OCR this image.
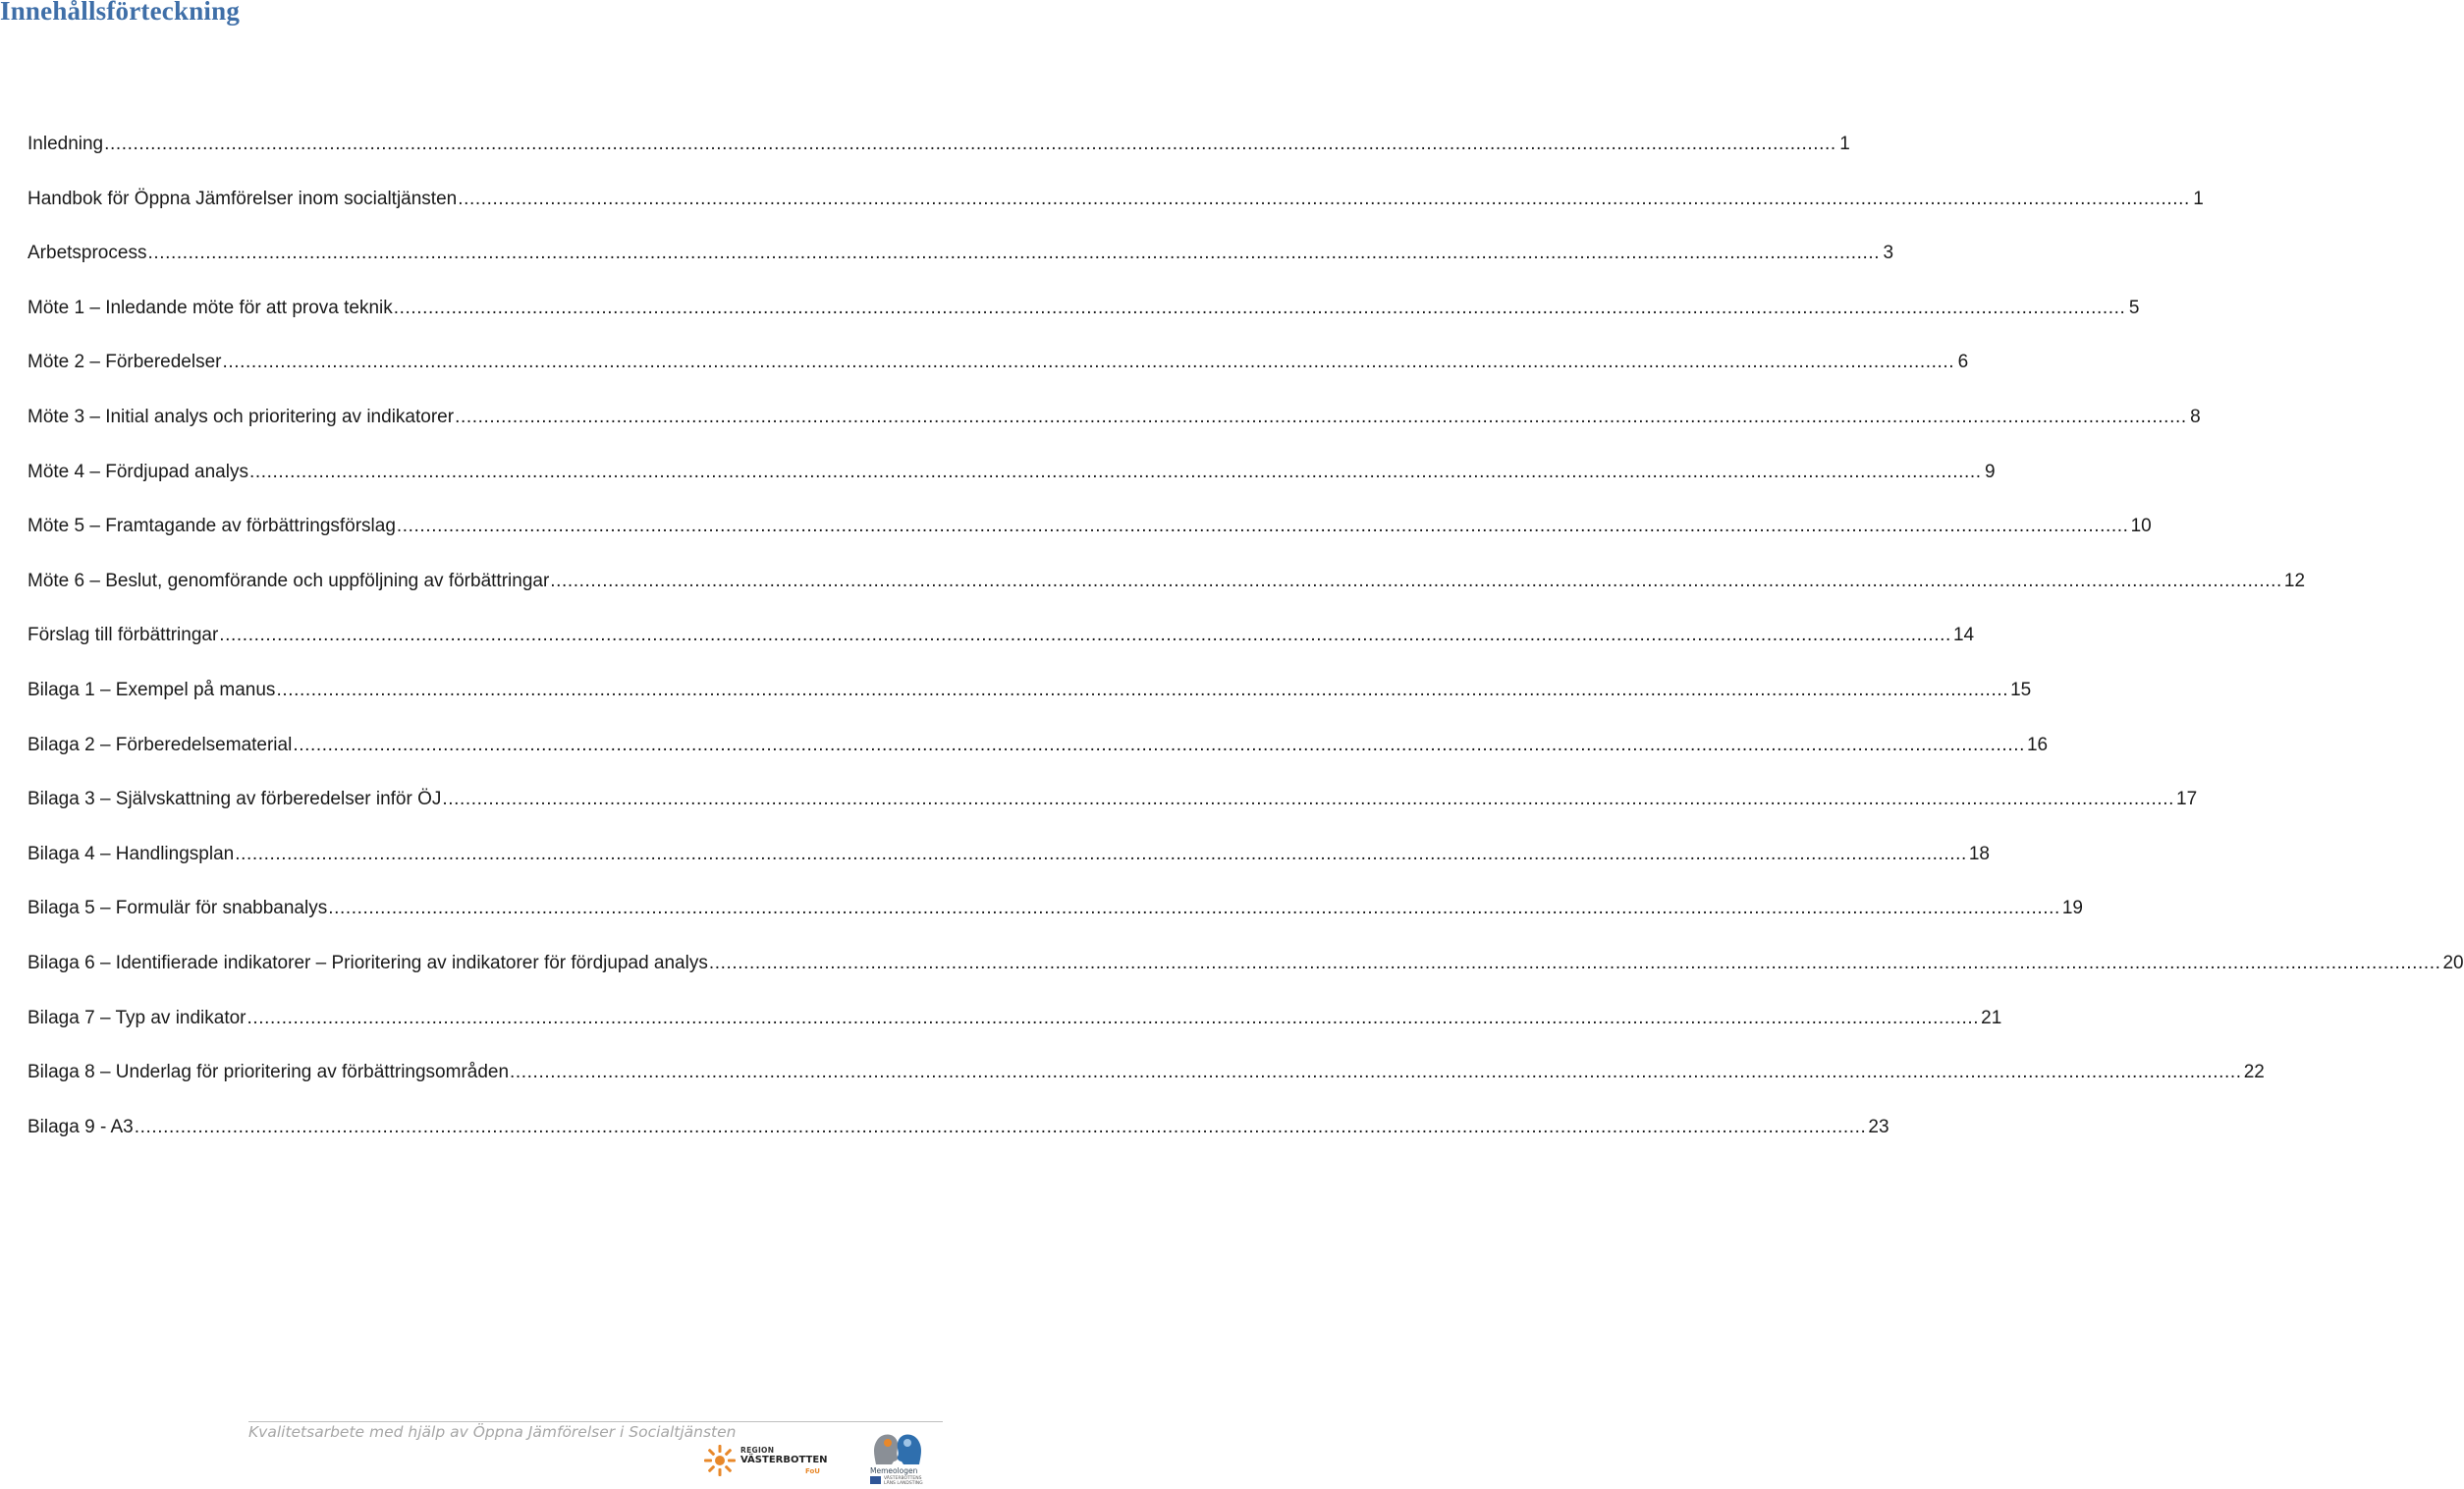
Innehållsförteckning
Inledning ............................................................................................................................................................................................................................................................................................................ 1
Handbok för Öppna Jämförelser inom socialtjänsten ............................................................................................................................................................................................................................................................................................................ 1
Arbetsprocess ............................................................................................................................................................................................................................................................................................................ 3
Möte 1 – Inledande möte för att prova teknik ............................................................................................................................................................................................................................................................................................................ 5
Möte 2 – Förberedelser ............................................................................................................................................................................................................................................................................................................ 6
Möte 3 – Initial analys och prioritering av indikatorer ............................................................................................................................................................................................................................................................................................................ 8
Möte 4 – Fördjupad analys ............................................................................................................................................................................................................................................................................................................ 9
Möte 5 – Framtagande av förbättringsförslag ............................................................................................................................................................................................................................................................................................................ 10
Möte 6 – Beslut, genomförande och uppföljning av förbättringar ............................................................................................................................................................................................................................................................................................................ 12
Förslag till förbättringar ............................................................................................................................................................................................................................................................................................................ 14
Bilaga 1 – Exempel på manus ............................................................................................................................................................................................................................................................................................................ 15
Bilaga 2 – Förberedelsematerial ............................................................................................................................................................................................................................................................................................................ 16
Bilaga 3 – Självskattning av förberedelser inför ÖJ ............................................................................................................................................................................................................................................................................................................ 17
Bilaga 4 – Handlingsplan ............................................................................................................................................................................................................................................................................................................ 18
Bilaga 5 – Formulär för snabbanalys ............................................................................................................................................................................................................................................................................................................ 19
Bilaga 6 – Identifierade indikatorer – Prioritering av indikatorer för fördjupad analys ............................................................................................................................................................................................................................................................................................................ 20
Bilaga 7 – Typ av indikator ............................................................................................................................................................................................................................................................................................................ 21
Bilaga 8 – Underlag för prioritering av förbättringsområden ............................................................................................................................................................................................................................................................................................................ 22
Bilaga 9 - A3 ............................................................................................................................................................................................................................................................................................................ 23
Kvalitetsarbete med hjälp av Öppna Jämförelser i Socialtjänsten
REGION
VÄSTERBOTTEN
FoU	Memeologen
VÄSTERBOTTENS LÄNS LANDSTING
